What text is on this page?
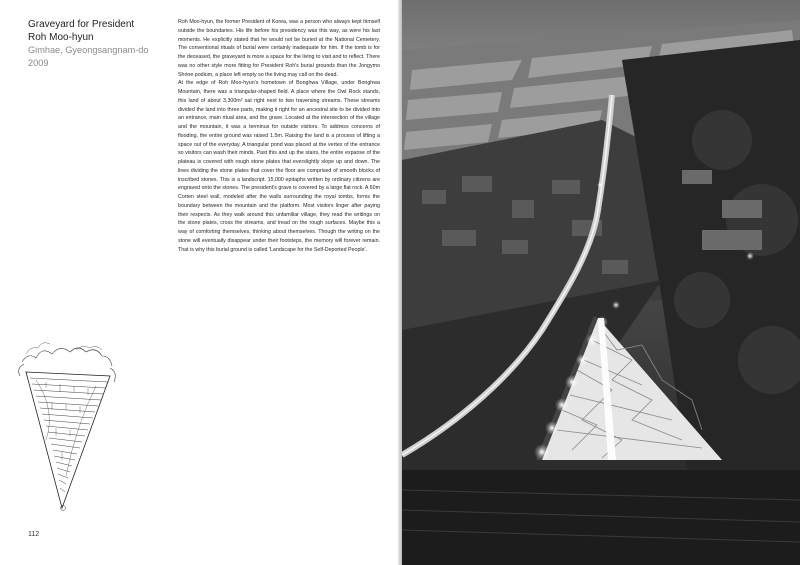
Graveyard for President
Roh Moo-hyun
Gimhae, Gyeongsangnam-do
2009

Roh Moo-hyun, the former President of Korea, was a person who always kept himself outside the boundaries. His life before his presidency was this way, as were his last moments. He explicitly stated that he would not be buried at the National Cemetery. The conventional rituals of burial were certainly inadequate for him. If the tomb is for the deceased, the graveyard is more a space for the living to visit and to reflect. There was no other style more fitting for President Roh's burial grounds than the Jongymo Shrine podium, a place left empty so the living may call on the dead.

At the edge of Roh Moo-hyun's hometown of Bonghwa Village, under Bonghwa Mountain, there was a triangular-shaped field. A place where the Owl Rock stands, this land of about 3,300m² sat right next to two traversing streams. These streams divided the land into three parts, making it right for an ancestral site to be divided into an entrance, main ritual area, and the grave. Located at the intersection of the village and the mountain, it was a terminus for outside visitors. To address concerns of flooding, the entire ground was raised 1.5m. Raising the land is a process of lifting a space out of the everyday. A triangular pond was placed at the vertex of the entrance so visitors can wash their minds. Past this and up the stairs, the entire expanse of the plateau is covered with rough stone plates that everslightly slope up and down. The lines dividing the stone plates that cover the floor are comprised of smooth blocks of inscribed stones. This is a landscript. 15,000 epitaphs written by ordinary citizens are engraved onto the stones. The president's grave is covered by a large flat rock. A 60m Corten steel wall, modeled after the walls surrounding the royal tombs, forms the boundary between the mountain and the platform. Most visitors linger after paying their respects. As they walk around this unfamiliar village, they read the writings on the stone plates, cross the streams, and tread on the rough surfaces. Maybe this a way of comforting themselves, thinking about themselves. Though the writing on the stone will eventually disappear under their footsteps, the memory will forever remain. That is why this burial ground is called 'Landscape for the Self-Deported People'.

112
